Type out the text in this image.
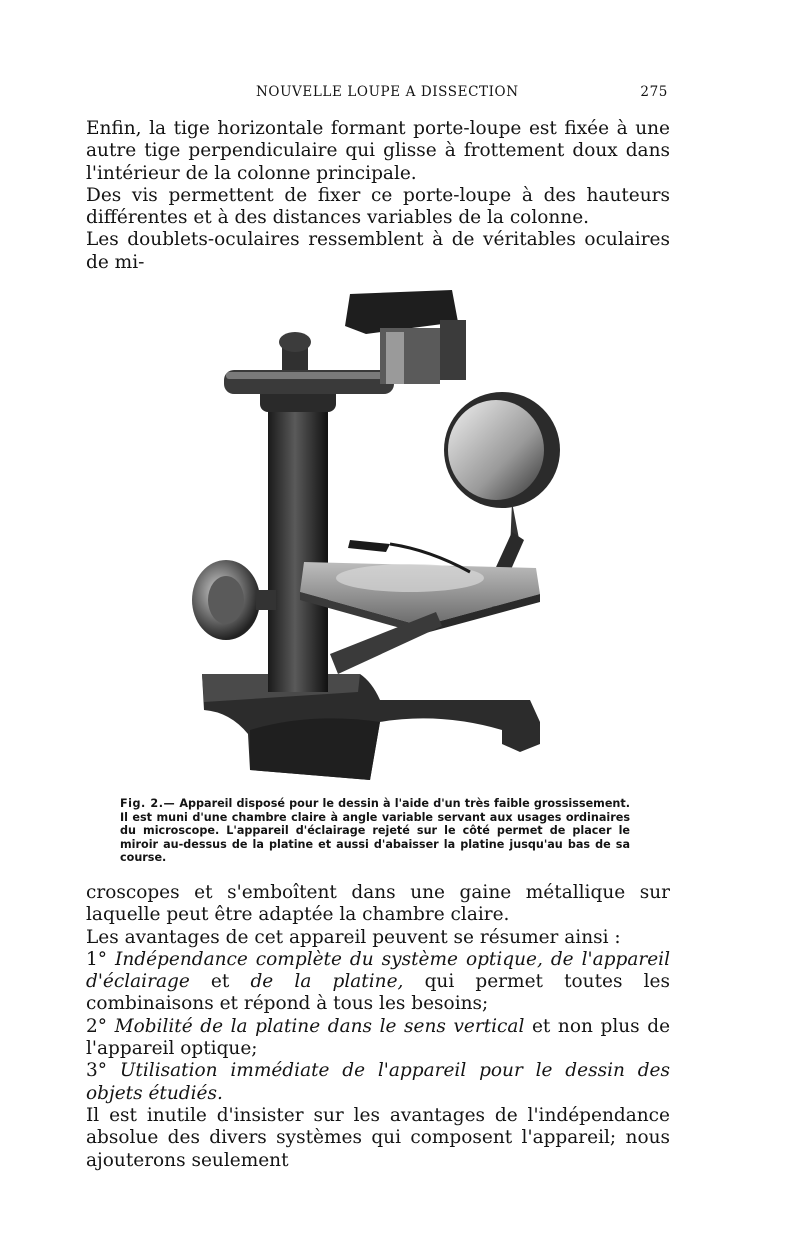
NOUVELLE LOUPE A DISSECTION	275

Enfin, la tige horizontale formant porte-loupe est fixée à une autre tige perpendiculaire qui glisse à frottement doux dans l'intérieur de la colonne principale.

Des vis permettent de fixer ce porte-loupe à des hauteurs différentes et à des distances variables de la colonne.

Les doublets-oculaires ressemblent à de véritables oculaires de mi-

Fig. 2.— Appareil disposé pour le dessin à l'aide d'un très faible grossissement. Il est muni d'une chambre claire à angle variable servant aux usages ordinaires du microscope. L'appareil d'éclairage rejeté sur le côté permet de placer le miroir au-dessus de la platine et aussi d'abaisser la platine jusqu'au bas de sa course.

croscopes et s'emboîtent dans une gaine métallique sur laquelle peut être adaptée la chambre claire.

Les avantages de cet appareil peuvent se résumer ainsi :

1° Indépendance complète du système optique, de l'appareil d'éclairage et de la platine, qui permet toutes les combinaisons et répond à tous les besoins;

2° Mobilité de la platine dans le sens vertical et non plus de l'appareil optique;

3° Utilisation immédiate de l'appareil pour le dessin des objets étudiés.

Il est inutile d'insister sur les avantages de l'indépendance absolue des divers systèmes qui composent l'appareil; nous ajouterons seulement
